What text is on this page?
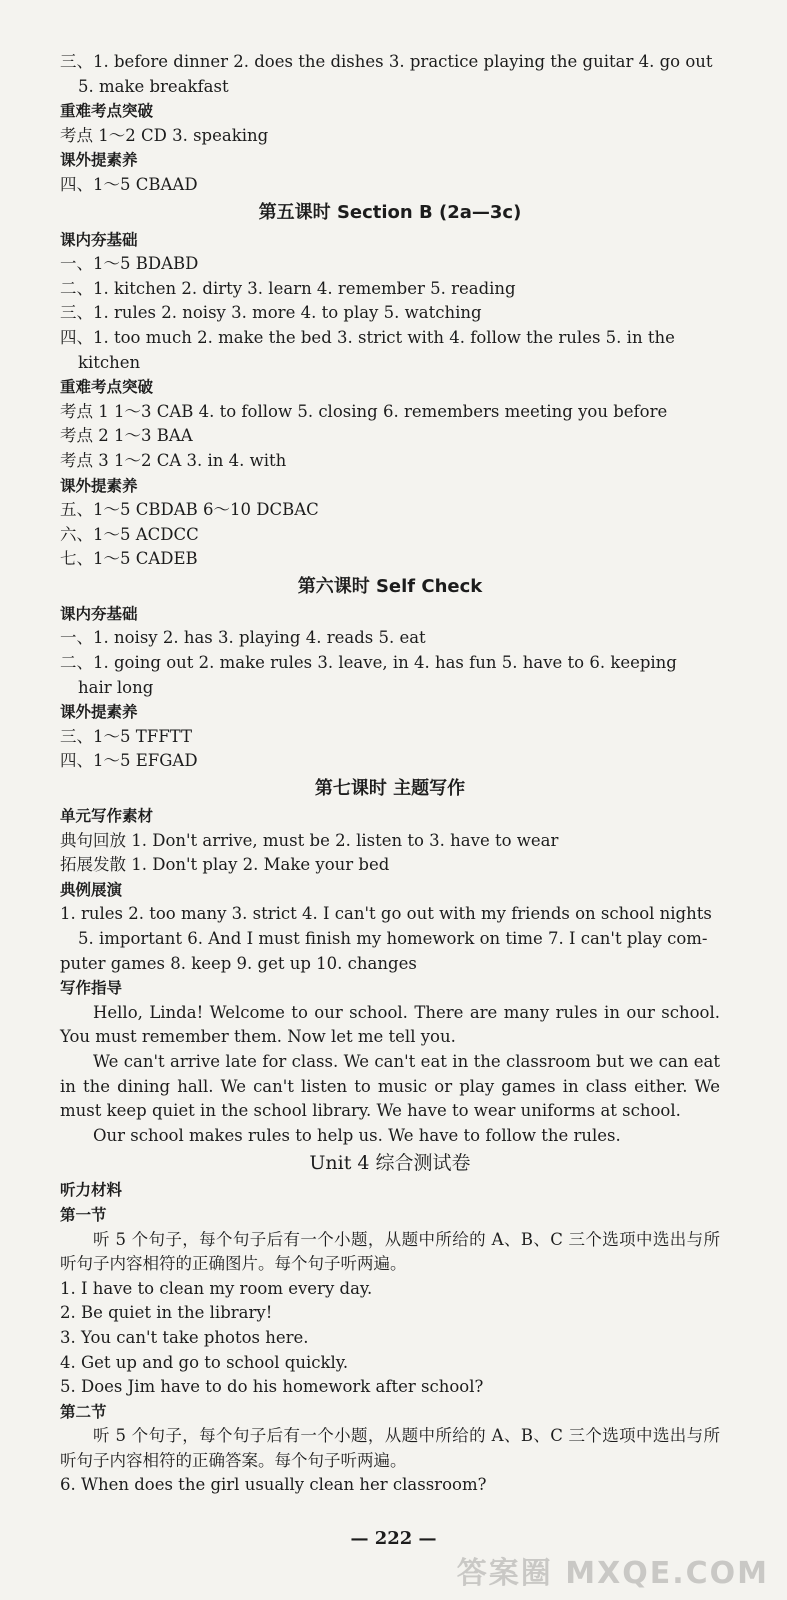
三、1. before dinner 2. does the dishes 3. practice playing the guitar 4. go out
5. make breakfast
重难考点突破
考点 1～2 CD 3. speaking
课外提素养
四、1～5 CBAAD
第五课时 Section B (2a—3c)
课内夯基础
一、1～5 BDABD
二、1. kitchen 2. dirty 3. learn 4. remember 5. reading
三、1. rules 2. noisy 3. more 4. to play 5. watching
四、1. too much 2. make the bed 3. strict with 4. follow the rules 5. in the
kitchen
重难考点突破
考点 1 1～3 CAB 4. to follow 5. closing 6. remembers meeting you before
考点 2 1～3 BAA
考点 3 1～2 CA 3. in 4. with
课外提素养
五、1～5 CBDAB 6～10 DCBAC
六、1～5 ACDCC
七、1～5 CADEB
第六课时 Self Check
课内夯基础
一、1. noisy 2. has 3. playing 4. reads 5. eat
二、1. going out 2. make rules 3. leave, in 4. has fun 5. have to 6. keeping
hair long
课外提素养
三、1～5 TFFTT
四、1～5 EFGAD
第七课时 主题写作
单元写作素材
典句回放 1. Don't arrive, must be 2. listen to 3. have to wear
拓展发散 1. Don't play 2. Make your bed
典例展演
1. rules 2. too many 3. strict 4. I can't go out with my friends on school nights
5. important 6. And I must finish my homework on time 7. I can't play com-
puter games 8. keep 9. get up 10. changes
写作指导
Hello, Linda! Welcome to our school. There are many rules in our school. You must remember them. Now let me tell you.
We can't arrive late for class. We can't eat in the classroom but we can eat in the dining hall. We can't listen to music or play games in class either. We must keep quiet in the school library. We have to wear uniforms at school.
Our school makes rules to help us. We have to follow the rules.
Unit 4 综合测试卷
听力材料
第一节
听 5 个句子，每个句子后有一个小题，从题中所给的 A、B、C 三个选项中选出与所听句子内容相符的正确图片。每个句子听两遍。
1. I have to clean my room every day.
2. Be quiet in the library!
3. You can't take photos here.
4. Get up and go to school quickly.
5. Does Jim have to do his homework after school?
第二节
听 5 个句子，每个句子后有一个小题，从题中所给的 A、B、C 三个选项中选出与所听句子内容相符的正确答案。每个句子听两遍。
6. When does the girl usually clean her classroom?
— 222 —
答案圈 MXQE.COM
